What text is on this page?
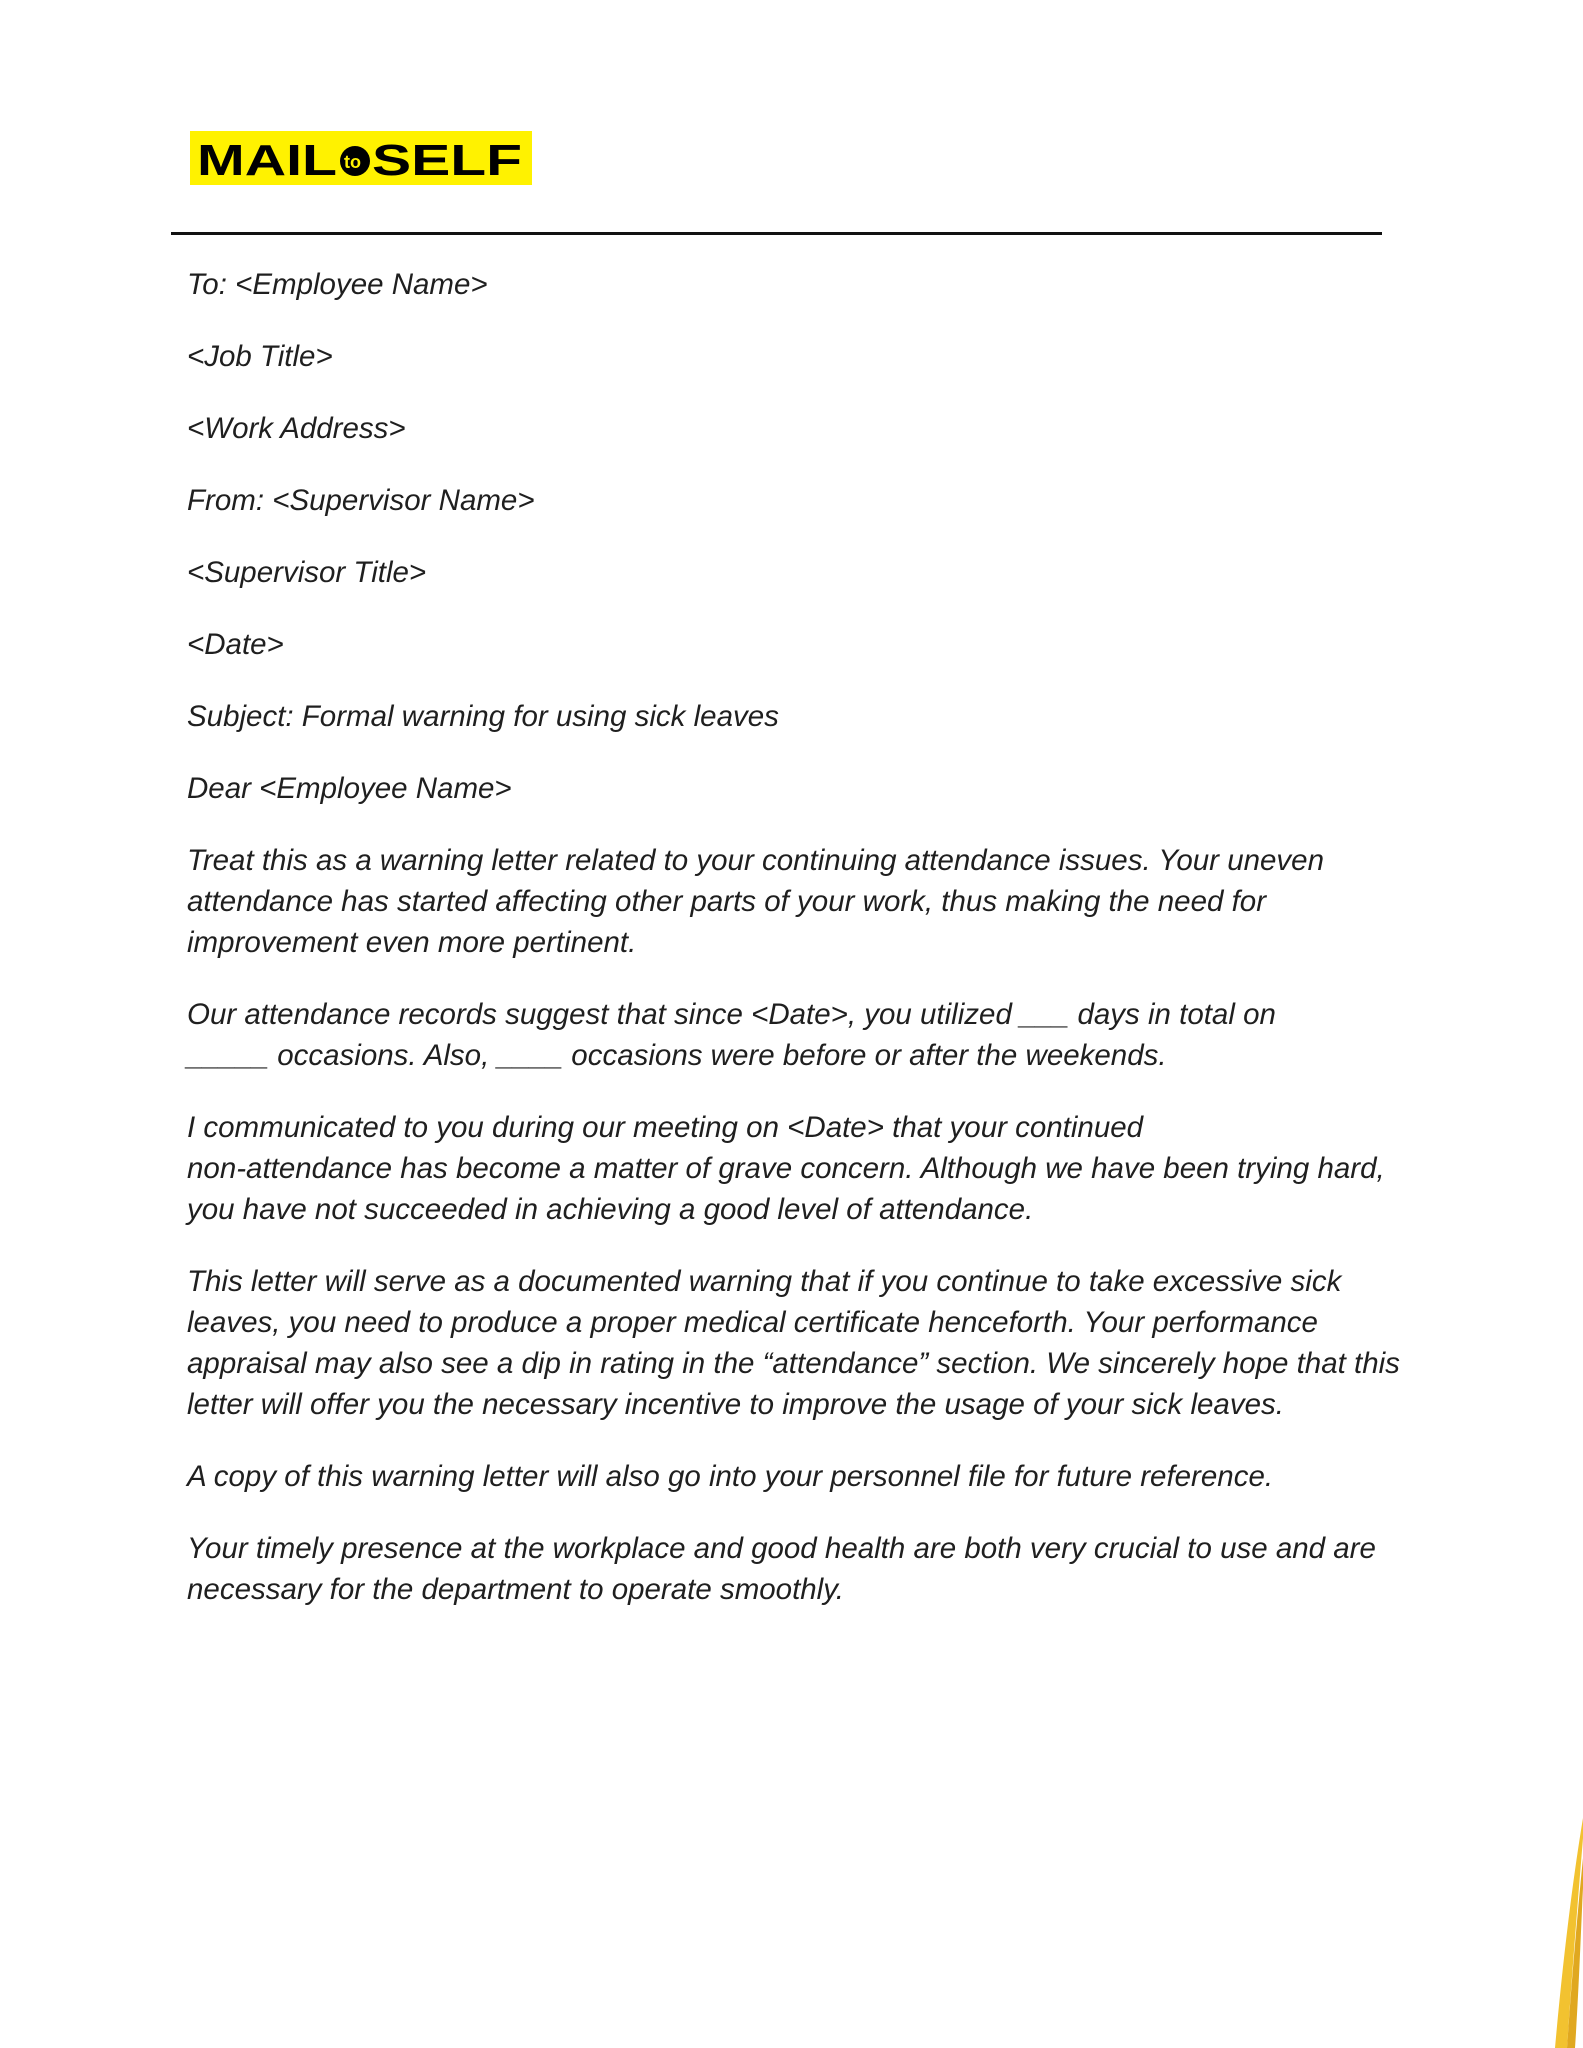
MAIL to SELF

To: <Employee Name>

<Job Title>

<Work Address>

From: <Supervisor Name>

<Supervisor Title>

<Date>

Subject: Formal warning for using sick leaves

Dear <Employee Name>

Treat this as a warning letter related to your continuing attendance issues. Your uneven attendance has started affecting other parts of your work, thus making the need for improvement even more pertinent.

Our attendance records suggest that since <Date>, you utilized ___ days in total on
_____ occasions. Also, ____ occasions were before or after the weekends.

I communicated to you during our meeting on <Date> that your continued
non-attendance has become a matter of grave concern. Although we have been trying hard, you have not succeeded in achieving a good level of attendance.

This letter will serve as a documented warning that if you continue to take excessive sick leaves, you need to produce a proper medical certificate henceforth. Your performance appraisal may also see a dip in rating in the “attendance” section. We sincerely hope that this letter will offer you the necessary incentive to improve the usage of your sick leaves.

A copy of this warning letter will also go into your personnel file for future reference.

Your timely presence at the workplace and good health are both very crucial to use and are necessary for the department to operate smoothly.
